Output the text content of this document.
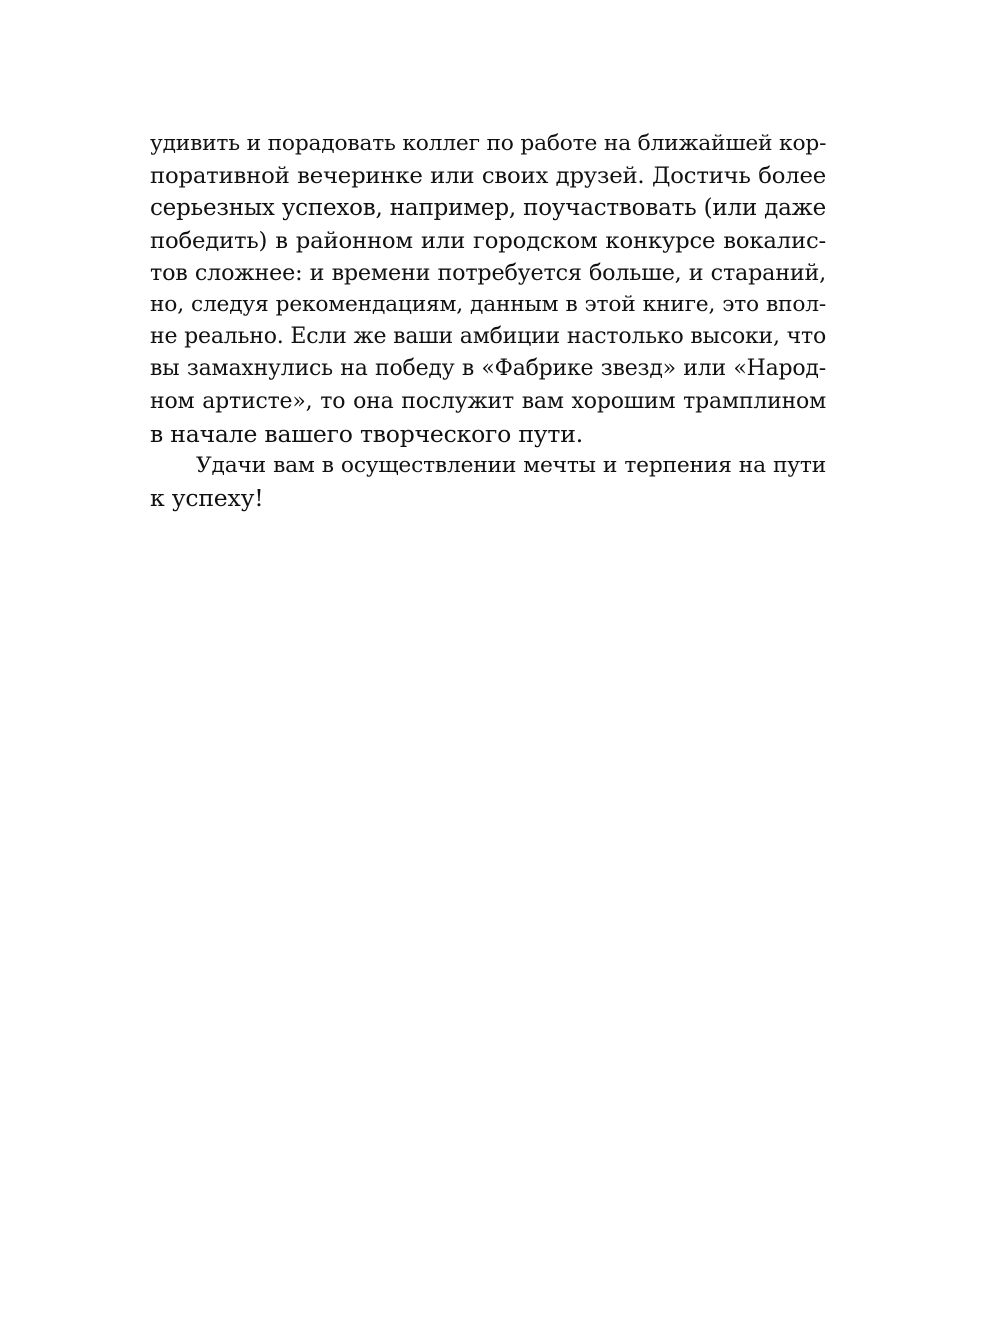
удивить и порадовать коллег по работе на ближайшей кор-
поративной вечеринке или своих друзей. Достичь более
серьезных успехов, например, поучаствовать (или даже
победить) в районном или городском конкурсе вокалис-
тов сложнее: и времени потребуется больше, и стараний,
но, следуя рекомендациям, данным в этой книге, это впол-
не реально. Если же ваши амбиции настолько высоки, что
вы замахнулись на победу в «Фабрике звезд» или «Народ-
ном артисте», то она послужит вам хорошим трамплином
в начале вашего творческого пути.
Удачи вам в осуществлении мечты и терпения на пути
к успеху!
